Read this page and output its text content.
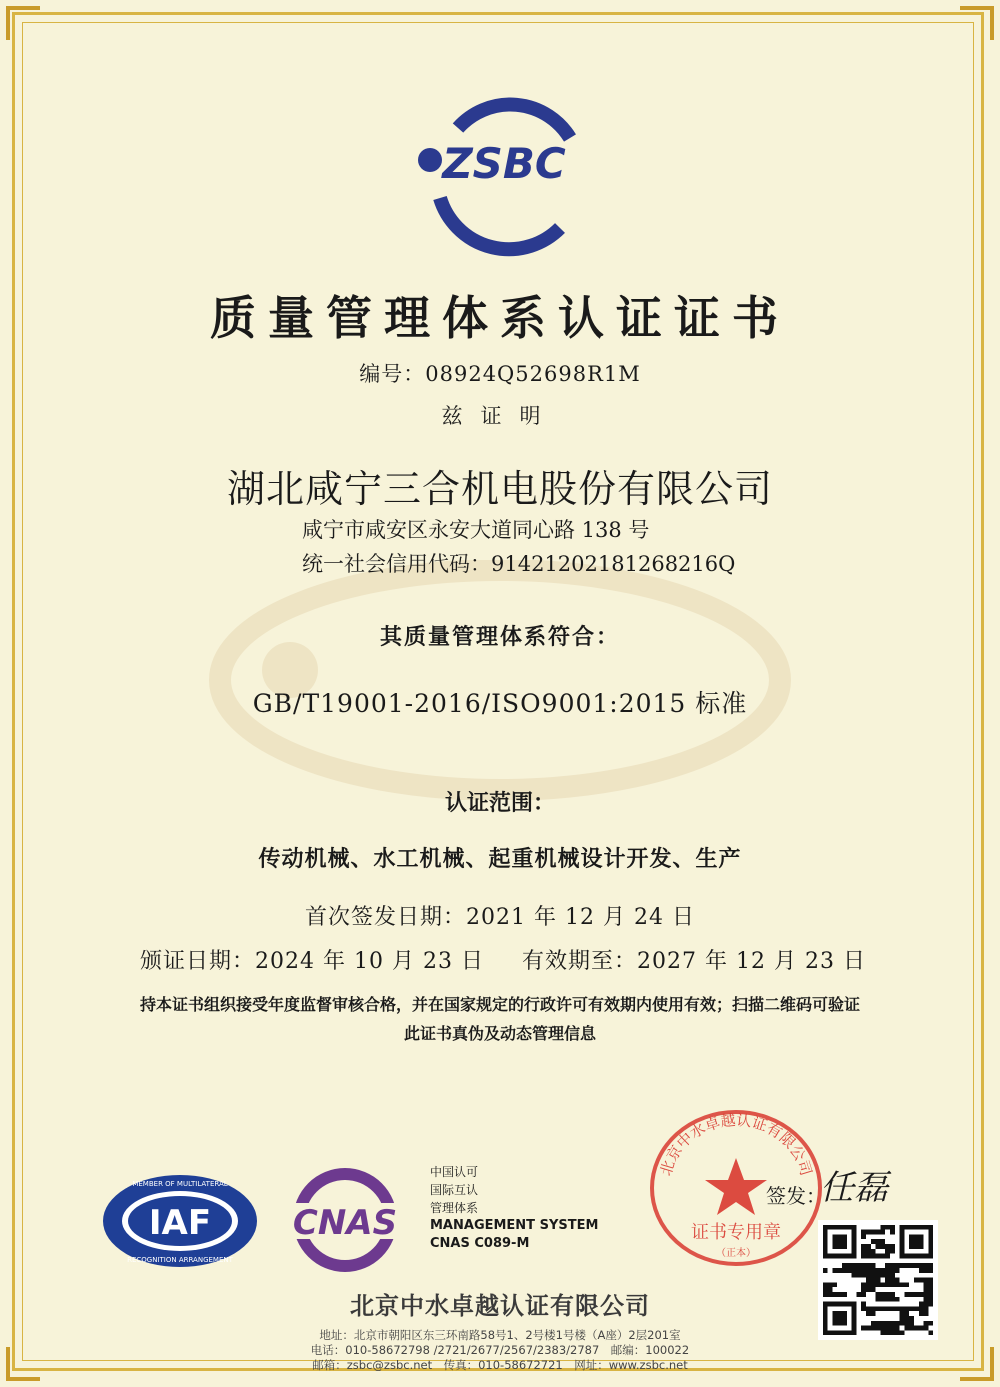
ZSBC
质量管理体系认证证书
编号：08924Q52698R1M
兹证明
湖北咸宁三合机电股份有限公司
咸宁市咸安区永安大道同心路 138 号
统一社会信用代码：91421202181268216Q
其质量管理体系符合：
GB/T19001-2016/ISO9001:2015 标准
认证范围：
传动机械、水工机械、起重机械设计开发、生产
首次签发日期：2021 年 12 月 24 日
颁证日期：2024 年 10 月 23 日 有效期至：2027 年 12 月 23 日
持本证书组织接受年度监督审核合格，并在国家规定的行政许可有效期内使用有效；扫描二维码可验证
此证书真伪及动态管理信息
IAF
MEMBER OF MULTILATERAL
RECOGNITION ARRANGEMENT
CNAS
中国认可
国际互认
管理体系
MANAGEMENT SYSTEM
CNAS C089-M
证书专用章
（正本）
北京中水卓越认证有限公司
签发：
任磊
北京中水卓越认证有限公司
地址：北京市朝阳区东三环南路58号1、2号楼1号楼（A座）2层201室
电话：010-58672798 /2721/2677/2567/2383/2787　邮编：100022
邮箱：zsbc@zsbc.net　传真：010-58672721　网址：www.zsbc.net
